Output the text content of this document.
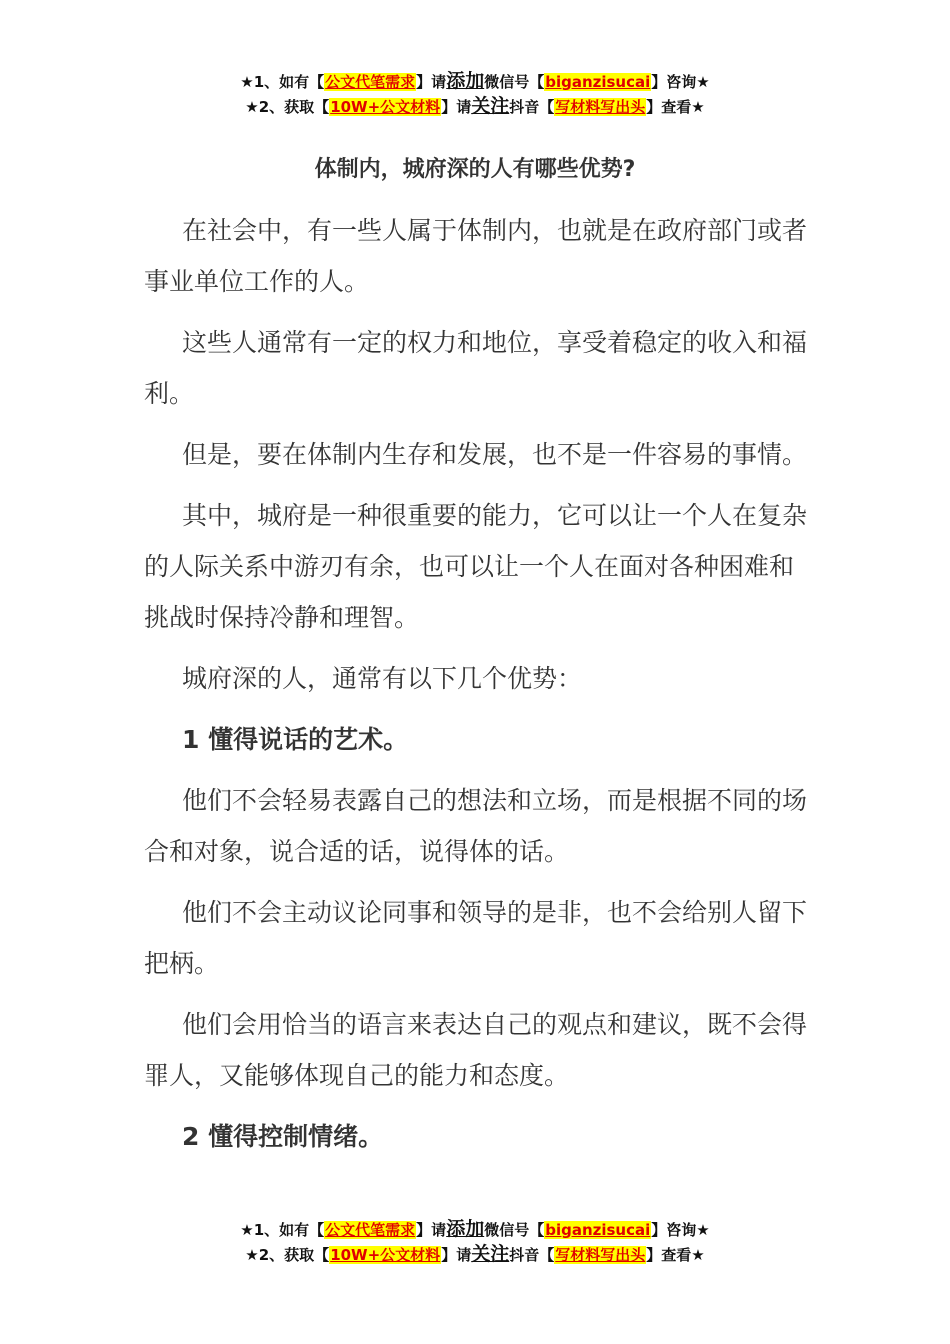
★1、如有【公文代笔需求】请添加微信号【biganzisucai】咨询★
★2、获取【10W+公文材料】请关注抖音【写材料写出头】查看★
体制内，城府深的人有哪些优势?

在社会中，有一些人属于体制内，也就是在政府部门或者事业单位工作的人。

这些人通常有一定的权力和地位，享受着稳定的收入和福利。

但是，要在体制内生存和发展，也不是一件容易的事情。

其中，城府是一种很重要的能力，它可以让一个人在复杂的人际关系中游刃有余，也可以让一个人在面对各种困难和挑战时保持冷静和理智。

城府深的人，通常有以下几个优势：

1 懂得说话的艺术。

他们不会轻易表露自己的想法和立场，而是根据不同的场合和对象，说合适的话，说得体的话。

他们不会主动议论同事和领导的是非，也不会给别人留下把柄。

他们会用恰当的语言来表达自己的观点和建议，既不会得罪人，又能够体现自己的能力和态度。

2 懂得控制情绪。

★1、如有【公文代笔需求】请添加微信号【biganzisucai】咨询★
★2、获取【10W+公文材料】请关注抖音【写材料写出头】查看★
